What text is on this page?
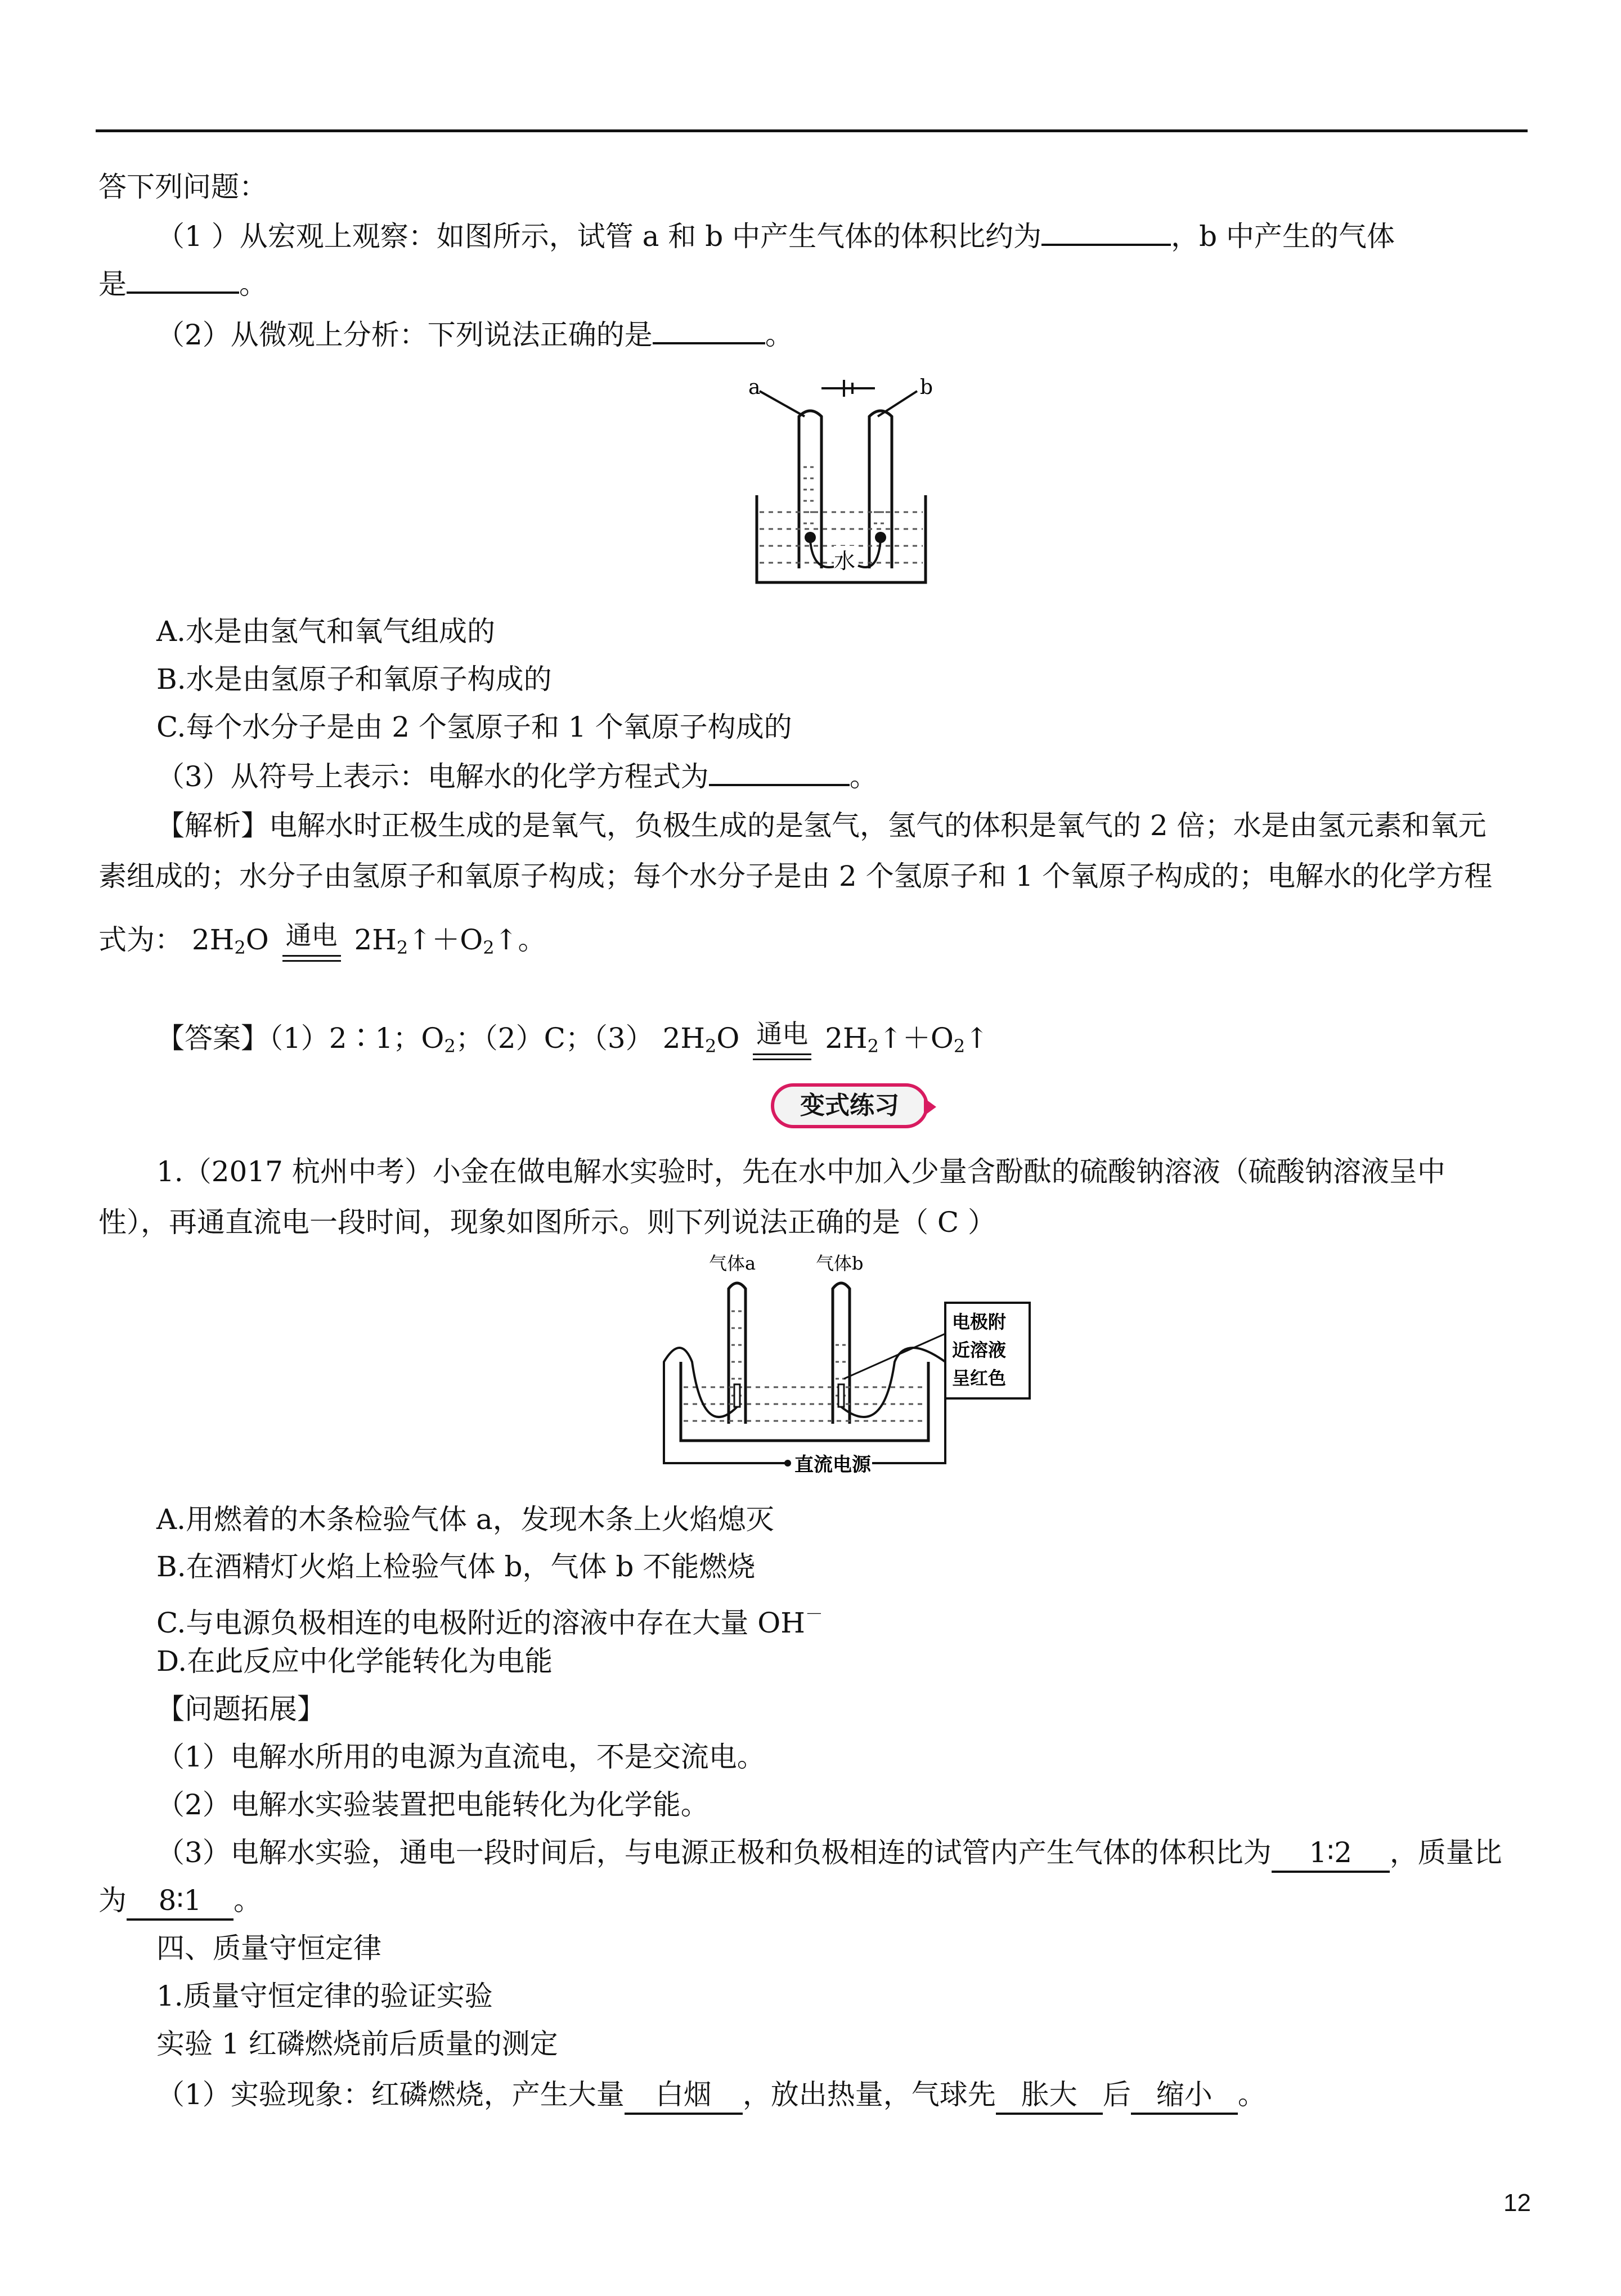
答下列问题：
（1 ）从宏观上观察：如图所示，试管 a 和 b 中产生气体的体积比约为	，b 中产生的气体
是	。
（2）从微观上分析：下列说法正确的是	。
a	b
水
A.水是由氢气和氧气组成的
B.水是由氢原子和氧原子构成的
C.每个水分子是由 2 个氢原子和 1 个氧原子构成的
（3）从符号上表示：电解水的化学方程式为	。
【解析】电解水时正极生成的是氧气，负极生成的是氢气，氢气的体积是氧气的 2 倍；水是由氢元素和氧元
素组成的；水分子由氢原子和氧原子构成；每个水分子是由 2 个氢原子和 1 个氧原子构成的；电解水的化学方程
式为： $2H_2O$ 通电 $2H_2↑+O_2↑$。
【答案】（1）2∶1；$O_2$；（2）C；（3） $2H_2O$ 通电 $2H_2↑+O_2↑$
变式练习
1.（2017 杭州中考）小金在做电解水实验时，先在水中加入少量含酚酞的硫酸钠溶液（硫酸钠溶液呈中
性），再通直流电一段时间，现象如图所示。则下列说法正确的是（ C ）
气体a	气体b
直流电源
电极附
近溶液
呈红色
A.用燃着的木条检验气体 a，发现木条上火焰熄灭
B.在酒精灯火焰上检验气体 b，气体 b 不能燃烧
C.与电源负极相连的电极附近的溶液中存在大量 OH－
D.在此反应中化学能转化为电能
【问题拓展】
（1）电解水所用的电源为直流电，不是交流电。
（2）电解水实验装置把电能转化为化学能。
（3）电解水实验，通电一段时间后，与电源正极和负极相连的试管内产生气体的体积比为 1∶2 ，质量比
为 8∶1 。
四、质量守恒定律
1.质量守恒定律的验证实验
实验 1 红磷燃烧前后质量的测定
（1）实验现象：红磷燃烧，产生大量 白烟 ，放出热量，气球先 胀大 后 缩小 。
12
